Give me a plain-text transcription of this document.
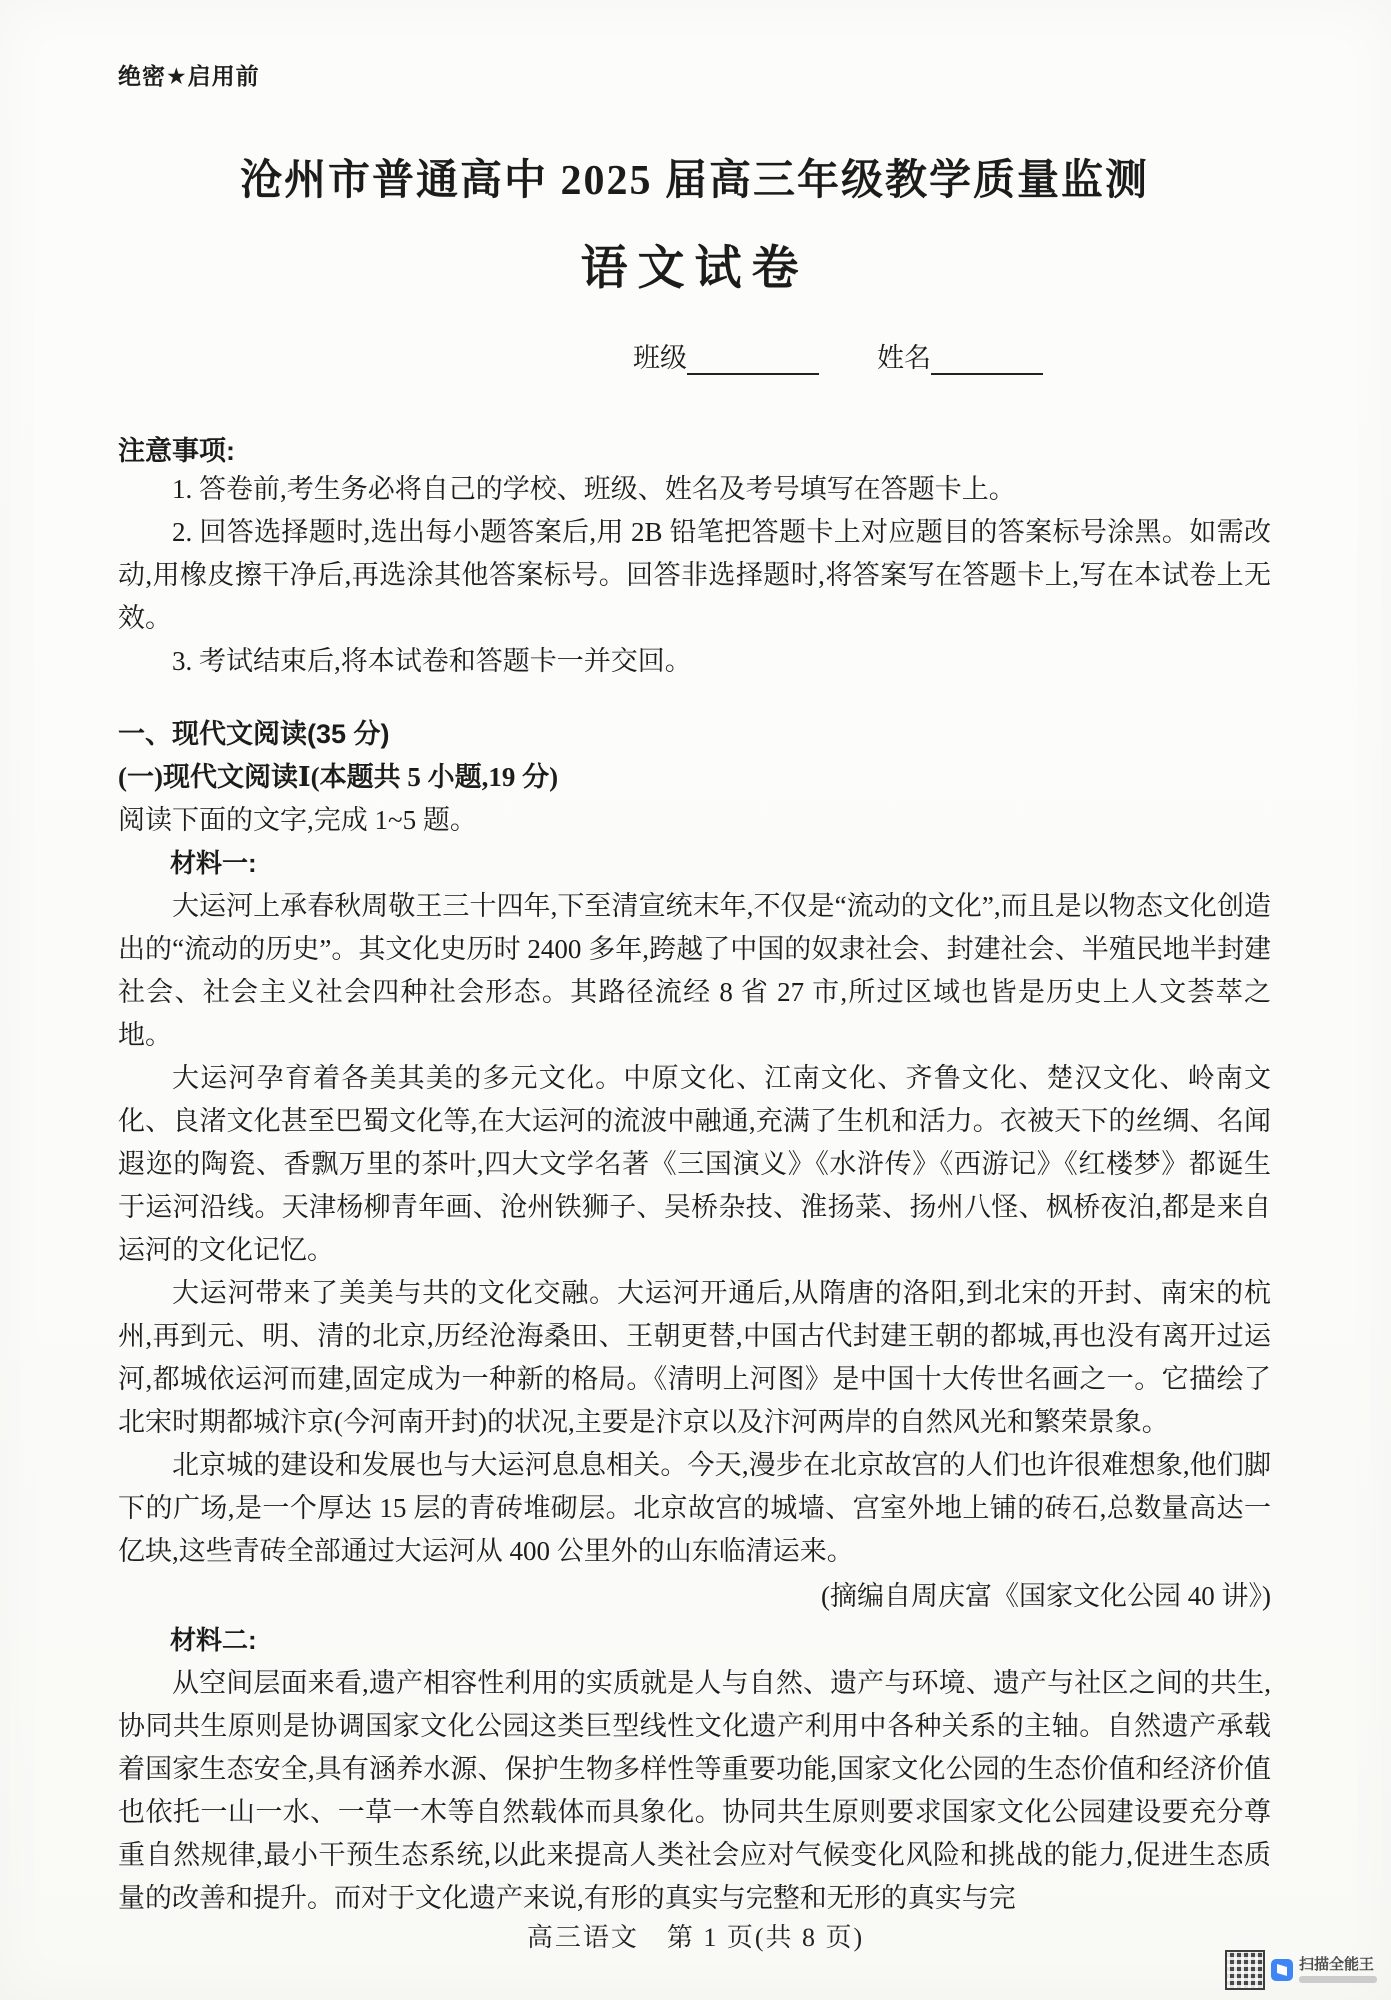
绝密★启用前
沧州市普通高中 2025 届高三年级教学质量监测
语文试卷
班级	姓名
注意事项:

1. 答卷前,考生务必将自己的学校、班级、姓名及考号填写在答题卡上。

2. 回答选择题时,选出每小题答案后,用 2B 铅笔把答题卡上对应题目的答案标号涂黑。如需改动,用橡皮擦干净后,再选涂其他答案标号。回答非选择题时,将答案写在答题卡上,写在本试卷上无效。

3. 考试结束后,将本试卷和答题卡一并交回。

一、现代文阅读(35 分)
(一)现代文阅读Ⅰ(本题共 5 小题,19 分)
阅读下面的文字,完成 1~5 题。
材料一:

大运河上承春秋周敬王三十四年,下至清宣统末年,不仅是“流动的文化”,而且是以物态文化创造出的“流动的历史”。其文化史历时 2400 多年,跨越了中国的奴隶社会、封建社会、半殖民地半封建社会、社会主义社会四种社会形态。其路径流经 8 省 27 市,所过区域也皆是历史上人文荟萃之地。

大运河孕育着各美其美的多元文化。中原文化、江南文化、齐鲁文化、楚汉文化、岭南文化、良渚文化甚至巴蜀文化等,在大运河的流波中融通,充满了生机和活力。衣被天下的丝绸、名闻遐迩的陶瓷、香飘万里的茶叶,四大文学名著《三国演义》《水浒传》《西游记》《红楼梦》都诞生于运河沿线。天津杨柳青年画、沧州铁狮子、吴桥杂技、淮扬菜、扬州八怪、枫桥夜泊,都是来自运河的文化记忆。

大运河带来了美美与共的文化交融。大运河开通后,从隋唐的洛阳,到北宋的开封、南宋的杭州,再到元、明、清的北京,历经沧海桑田、王朝更替,中国古代封建王朝的都城,再也没有离开过运河,都城依运河而建,固定成为一种新的格局。《清明上河图》是中国十大传世名画之一。它描绘了北宋时期都城汴京(今河南开封)的状况,主要是汴京以及汴河两岸的自然风光和繁荣景象。

北京城的建设和发展也与大运河息息相关。今天,漫步在北京故宫的人们也许很难想象,他们脚下的广场,是一个厚达 15 层的青砖堆砌层。北京故宫的城墙、宫室外地上铺的砖石,总数量高达一亿块,这些青砖全部通过大运河从 400 公里外的山东临清运来。

(摘编自周庆富《国家文化公园 40 讲》)
材料二:

从空间层面来看,遗产相容性利用的实质就是人与自然、遗产与环境、遗产与社区之间的共生,协同共生原则是协调国家文化公园这类巨型线性文化遗产利用中各种关系的主轴。自然遗产承载着国家生态安全,具有涵养水源、保护生物多样性等重要功能,国家文化公园的生态价值和经济价值也依托一山一水、一草一木等自然载体而具象化。协同共生原则要求国家文化公园建设要充分尊重自然规律,最小干预生态系统,以此来提高人类社会应对气候变化风险和挑战的能力,促进生态质量的改善和提升。而对于文化遗产来说,有形的真实与完整和无形的真实与完

高三语文　第 1 页(共 8 页)
扫描全能王
